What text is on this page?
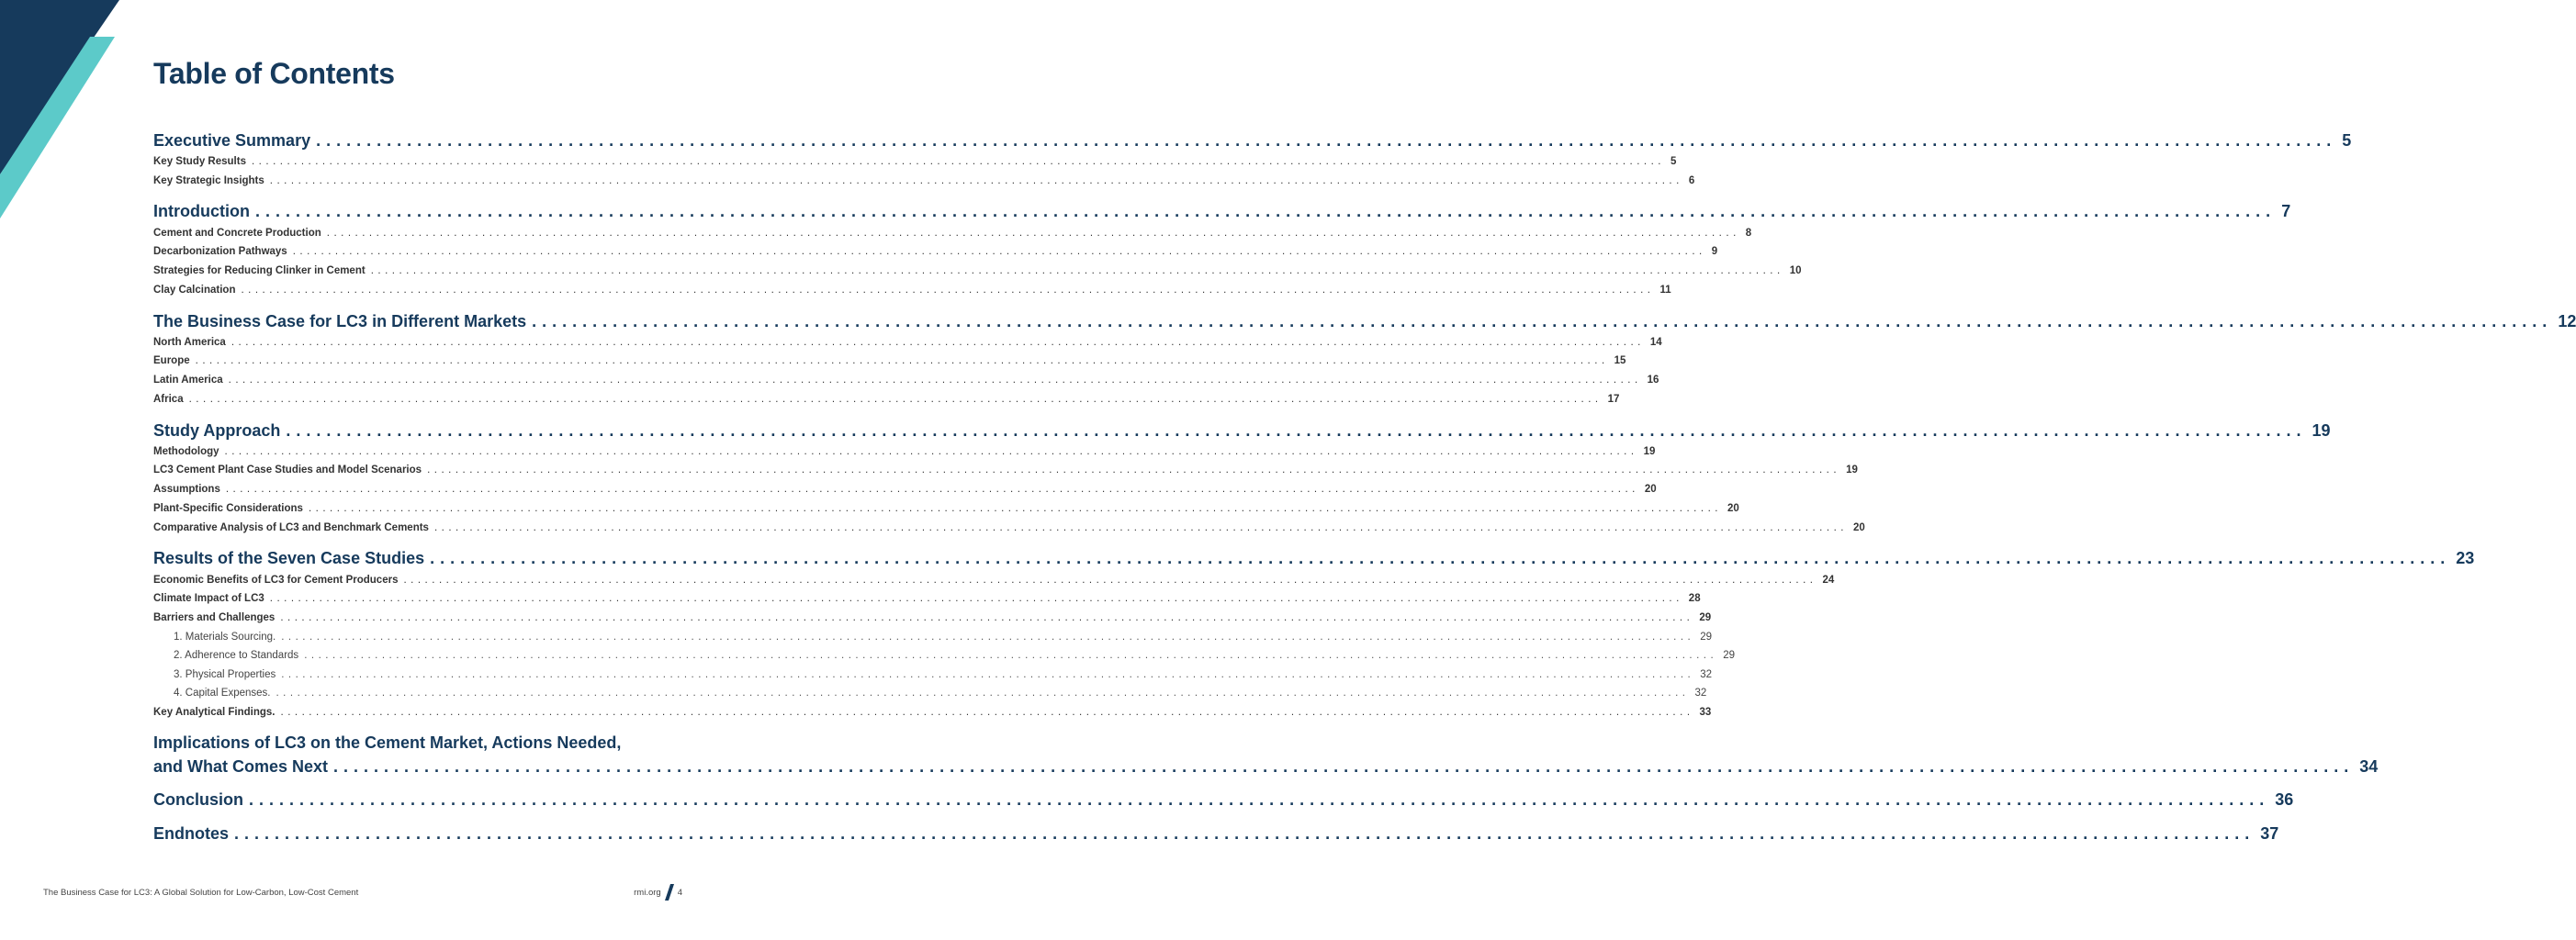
Table of Contents
Executive Summary ........................................................................................................................................................................................................ 5
Key Study Results ........................................................................................................................................................................................................ 5
Key Strategic Insights ........................................................................................................................................................................................................ 6
Introduction ........................................................................................................................................................................................................ 7
Cement and Concrete Production ........................................................................................................................................................................................................ 8
Decarbonization Pathways ........................................................................................................................................................................................................ 9
Strategies for Reducing Clinker in Cement ........................................................................................................................................................................................................ 10
Clay Calcination ........................................................................................................................................................................................................ 11
The Business Case for LC3 in Different Markets ........................................................................................................................................................................................................ 12
North America ........................................................................................................................................................................................................ 14
Europe ........................................................................................................................................................................................................ 15
Latin America ........................................................................................................................................................................................................ 16
Africa ........................................................................................................................................................................................................ 17
Study Approach ........................................................................................................................................................................................................ 19
Methodology ........................................................................................................................................................................................................ 19
LC3 Cement Plant Case Studies and Model Scenarios ........................................................................................................................................................................................................ 19
Assumptions ........................................................................................................................................................................................................ 20
Plant-Specific Considerations ........................................................................................................................................................................................................ 20
Comparative Analysis of LC3 and Benchmark Cements ........................................................................................................................................................................................................ 20
Results of the Seven Case Studies ........................................................................................................................................................................................................ 23
Economic Benefits of LC3 for Cement Producers ........................................................................................................................................................................................................ 24
Climate Impact of LC3 ........................................................................................................................................................................................................ 28
Barriers and Challenges ........................................................................................................................................................................................................ 29
1. Materials Sourcing. ........................................................................................................................................................................................................ 29
2. Adherence to Standards ........................................................................................................................................................................................................ 29
3. Physical Properties ........................................................................................................................................................................................................ 32
4. Capital Expenses. ........................................................................................................................................................................................................ 32
Key Analytical Findings. ........................................................................................................................................................................................................ 33
Implications of LC3 on the Cement Market, Actions Needed,
and What Comes Next ........................................................................................................................................................................................................ 34
Conclusion ........................................................................................................................................................................................................ 36
Endnotes ........................................................................................................................................................................................................ 37
The Business Case for LC3: A Global Solution for Low-Carbon, Low-Cost Cement	rmi.org 4
